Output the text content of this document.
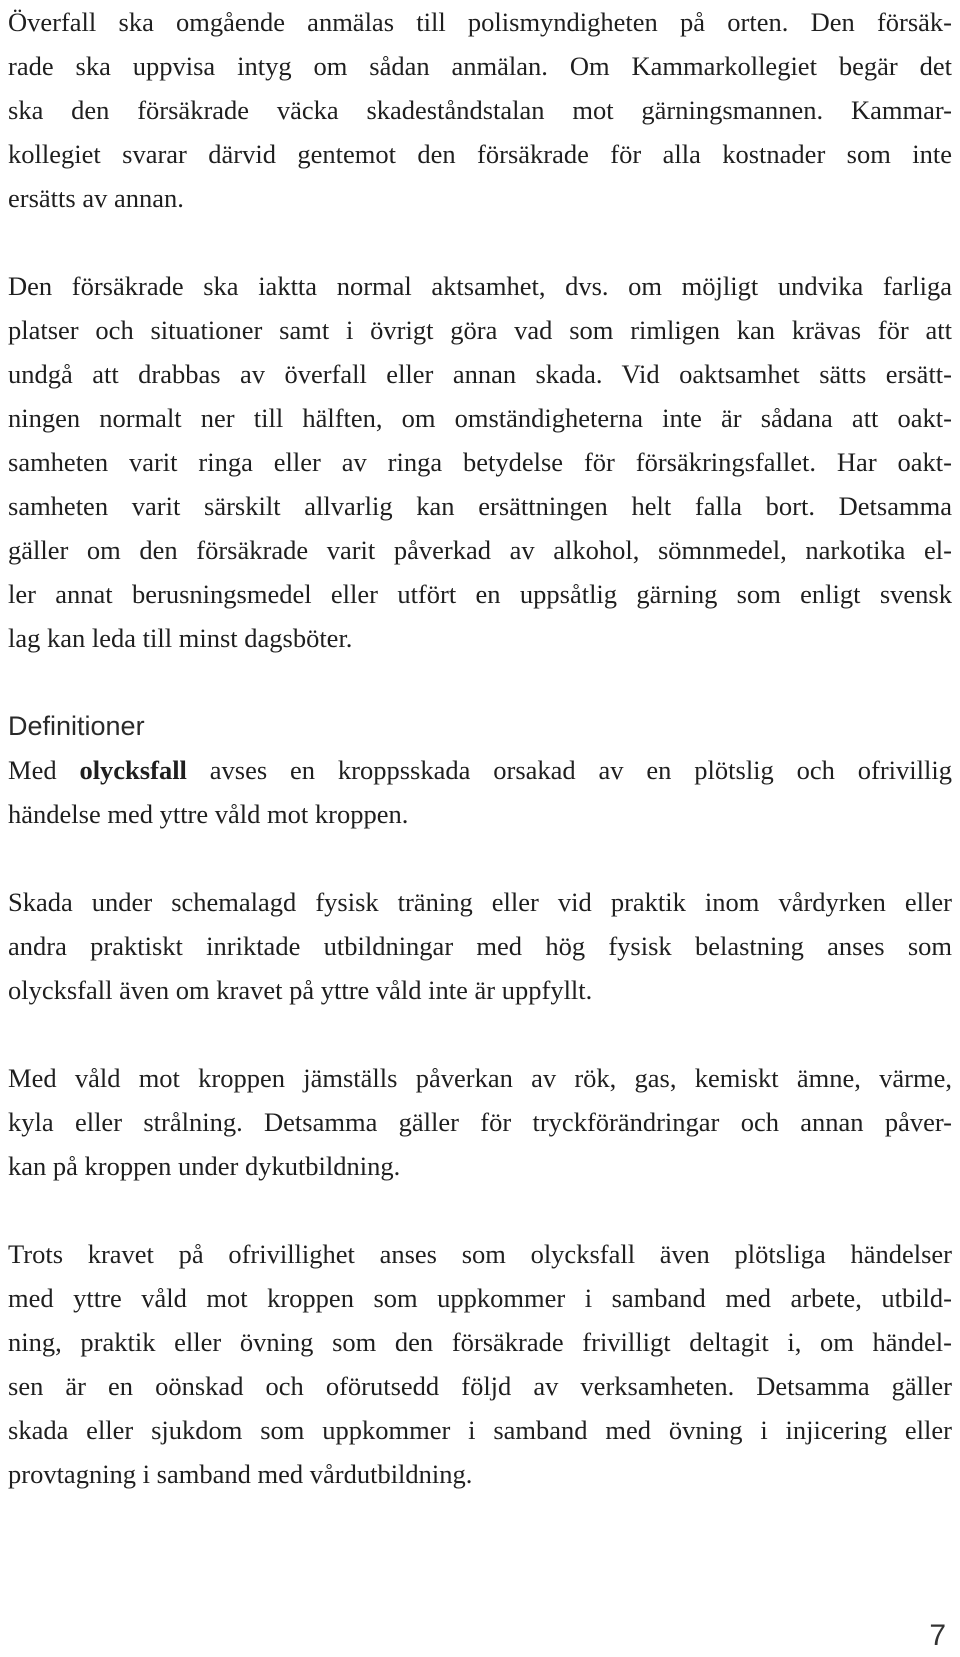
Överfall ska omgående anmälas till polismyndigheten på orten. Den försäk-
rade ska uppvisa intyg om sådan anmälan. Om Kammarkollegiet begär det
ska den försäkrade väcka skadeståndstalan mot gärningsmannen. Kammar-
kollegiet svarar därvid gentemot den försäkrade för alla kostnader som inte
ersätts av annan.

Den försäkrade ska iaktta normal aktsamhet, dvs. om möjligt undvika farliga
platser och situationer samt i övrigt göra vad som rimligen kan krävas för att
undgå att drabbas av överfall eller annan skada. Vid oaktsamhet sätts ersätt-
ningen normalt ner till hälften, om omständigheterna inte är sådana att oakt-
samheten varit ringa eller av ringa betydelse för försäkringsfallet. Har oakt-
samheten varit särskilt allvarlig kan ersättningen helt falla bort. Detsamma
gäller om den försäkrade varit påverkad av alkohol, sömnmedel, narkotika el-
ler annat berusningsmedel eller utfört en uppsåtlig gärning som enligt svensk
lag kan leda till minst dagsböter.

Definitioner

Med olycksfall avses en kroppsskada orsakad av en plötslig och ofrivillig
händelse med yttre våld mot kroppen.

Skada under schemalagd fysisk träning eller vid praktik inom vårdyrken eller
andra praktiskt inriktade utbildningar med hög fysisk belastning anses som
olycksfall även om kravet på yttre våld inte är uppfyllt.

Med våld mot kroppen jämställs påverkan av rök, gas, kemiskt ämne, värme,
kyla eller strålning. Detsamma gäller för tryckförändringar och annan påver-
kan på kroppen under dykutbildning.

Trots kravet på ofrivillighet anses som olycksfall även plötsliga händelser
med yttre våld mot kroppen som uppkommer i samband med arbete, utbild-
ning, praktik eller övning som den försäkrade frivilligt deltagit i, om händel-
sen är en oönskad och oförutsedd följd av verksamheten. Detsamma gäller
skada eller sjukdom som uppkommer i samband med övning i injicering eller
provtagning i samband med vårdutbildning.

7
